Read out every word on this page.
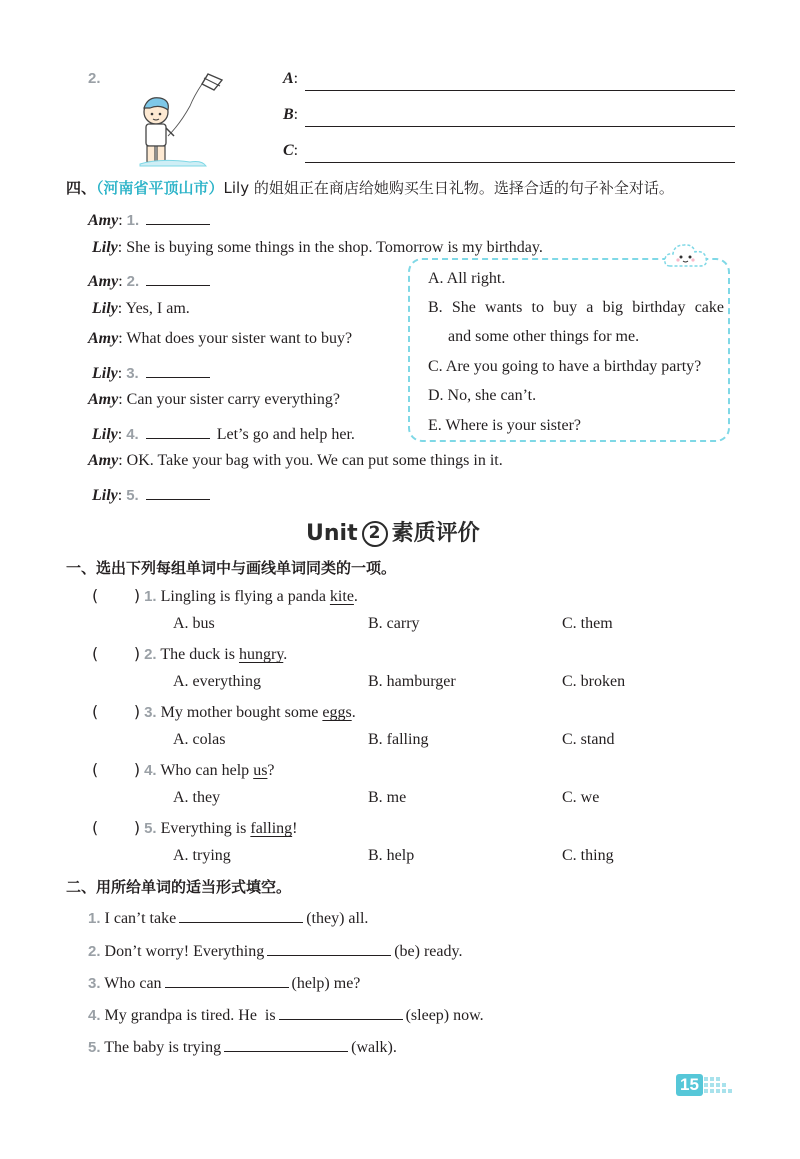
2.	A:
B:
C:
四、（河南省平顶山市）Lily 的姐姐正在商店给她购买生日礼物。选择合适的句子补全对话。
Amy: 1.
Lily: She is buying some things in the shop. Tomorrow is my birthday.
Amy: 2.
Lily: Yes, I am.
Amy: What does your sister want to buy?
Lily: 3.
Amy: Can your sister carry everything?
Lily: 4.	Let’s go and help her.
Amy: OK. Take your bag with you. We can put some things in it.
Lily: 5.
A. All right.
B. She wants to buy a big birthday cake
and some other things for me.
C. Are you going to have a birthday party?
D. No, she can’t.
E. Where is your sister?
Unit 2 素质评价
一、选出下列每组单词中与画线单词同类的一项。
(       ) 1. Lingling is flying a panda kite.
A. bus	B. carry	C. them
(       ) 2. The duck is hungry.
A. everything	B. hamburger	C. broken
(       ) 3. My mother bought some eggs.
A. colas	B. falling	C. stand
(       ) 4. Who can help us?
A. they	B. me	C. we
(       ) 5. Everything is falling!
A. trying	B. help	C. thing
二、用所给单词的适当形式填空。
1. I can’t take	(they) all.
2. Don’t worry! Everything	(be) ready.
3. Who can	(help) me?
4. My grandpa is tired. He  is	(sleep) now.
5. The baby is trying	(walk).
15
